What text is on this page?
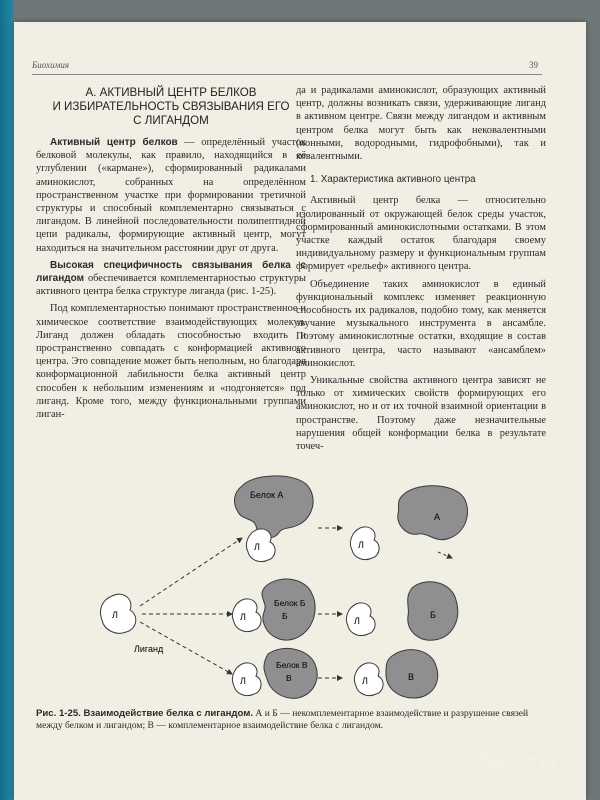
Биохимия	39
А. АКТИВНЫЙ ЦЕНТР БЕЛКОВ
И ИЗБИРАТЕЛЬНОСТЬ СВЯЗЫВАНИЯ ЕГО
С ЛИГАНДОМ

Активный центр белков — определённый участок белковой молекулы, как правило, находящийся в её углублении («кармане»), сформированный радикалами аминокислот, собранных на определённом пространственном участке при формировании третичной структуры и способный комплементарно связываться с лигандом. В линейной последовательности полипептидной цепи радикалы, формирующие активный центр, могут находиться на значительном расстоянии друг от друга.

Высокая специфичность связывания белка с лигандом обеспечивается комплементарностью структуры активного центра белка структуре лиганда (рис. 1-25).

Под комплементарностью понимают пространственное и химическое соответствие взаимодействующих молекул. Лиганд должен обладать способностью входить и пространственно совпадать с конформацией активного центра. Это совпадение может быть неполным, но благодаря конформационной лабильности белка активный центр способен к небольшим изменениям и «подгоняется» под лиганд. Кроме того, между функциональными группами лиган-

да и радикалами аминокислот, образующих активный центр, должны возникать связи, удерживающие лиганд в активном центре. Связи между лигандом и активным центром белка могут быть как нековалентными (ионными, водородными, гидрофобными), так и ковалентными.

1. Характеристика активного центра

Активный центр белка — относительно изолированный от окружающей белок среды участок, сформированный аминокислотными остатками. В этом участке каждый остаток благодаря своему индивидуальному размеру и функциональным группам формирует «рельеф» активного центра.

Объединение таких аминокислот в единый функциональный комплекс изменяет реакционную способность их радикалов, подобно тому, как меняется звучание музыкального инструмента в ансамбле. Поэтому аминокислотные остатки, входящие в состав активного центра, часто называют «ансамблем» аминокислот.

Уникальные свойства активного центра зависят не только от химических свойств формирующих его аминокислот, но и от их точной взаимной ориентации в пространстве. Поэтому даже незначительные нарушения общей конформации белка в результате точеч-

Белок А
Л	Л
А
Л
Лиганд
Л
Белок Б
Б	Л
Б
Л
Белок В
В	Л	В
Рис. 1-25. Взаимодействие белка с лигандом. А и Б — некомплементарное взаимодействие и разрушение связей между белком и лигандом; В — комплементарное взаимодействие белка с лигандом.
абиринт.ру
